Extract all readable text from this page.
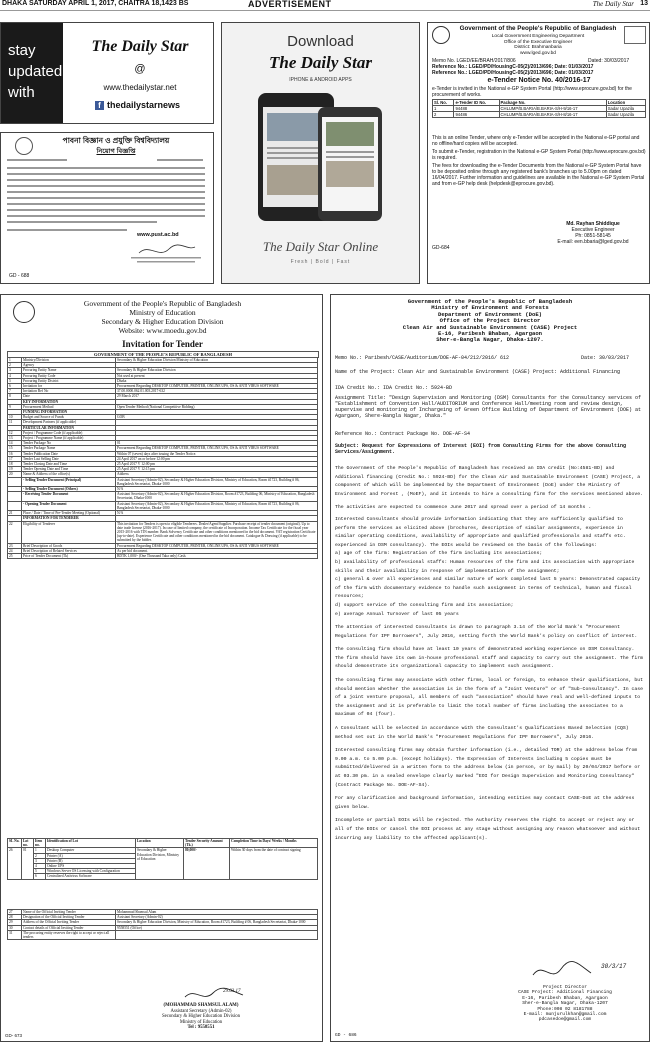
DHAKA SATURDAY APRIL 1, 2017, CHAITRA 18,1423 BS	ADVERTISEMENT	The Daily Star 13
stay
updated
with
The Daily Star
@
www.thedailystar.net
f thedailystarnews
পাবনা বিজ্ঞান ও প্রযুক্তি বিশ্ববিদ্যালয়
নিয়োগ বিজ্ঞপ্তি
www.pust.ac.bd
GD - 688
Download
The Daily Star
IPHONE & ANDROID APPS
The Daily Star Online
Fresh | Bold | Fast
Government of the People's Republic of Bangladesh
Local Government Engineering Department
Office of the Executive Engineer
District: Brahmanbaria
www.lged.gov.bd
Memo No. LGED/EE/BRAH/2017/806	Dated: 30/03/2017
Reference No.: LGED/PD/HousingC-05(2)/2013/696; Date: 01/03/2017
Reference No.: LGED/PD/HousingC-05(2)/2013/696; Date: 01/03/2017
e-Tender Notice No. 40/2016-17
e-Tender is invited in the National e-GP System Portal (http://www.eprocure.gov.bd) for the procurement of works.
Sl. No.	e-Tender ID No.	Package No.	Location
1	94488	CHLUMP/B.BARIA/B.BARIA-S/H-9/16-17	Sadar Upazila
2	94486	CHLUMP/B.BARIA/B.BARIA-S/H-8/16-17	Sadar Upazila
This is an online Tender, where only e-Tender will be accepted in the National e-GP portal and no offline/hard copies will be accepted.
To submit e-Tender, registration in the National e-GP System Portal (http://www.eprocure.gov.bd) is required.
The fees for downloading the e-Tender Documents from the National e-GP System Portal have to be deposited online through any registered bank's branches up to 5.00pm on dated 16/04/2017. Further information and guidelines are available in the National e-GP System Portal and from e-GP help desk (helpdesk@eprocure.gov.bd).
Md. Rayhan Shiddique
Executive Engineer
Ph: 0851-58145
E-mail: een.bbaria@lged.gov.bd
GD-684
Government of the People's Republic of Bangladesh
Ministry of Education
Secondary & Higher Education Division
Website: www.moedu.gov.bd
Invitation for Tender
GOVERNMENT OF THE PEOPLE'S REPUBLIC OF BANGLADESH
1	Ministry/Division	Secondary & Higher Education Division Ministry of Education
2	Agency	
3	Procuring Entity Name	Secondary & Higher Education Division
4	Procuring Entity Code	Not used at present
5	Procuring Entity District	Dhaka
6	Invitation for	Procurement Regarding DESKTOP COMPUTER, PRINTER, ONLINE UPS, OS & ANTI VIRUS SOFTWARE
7	Invitation Ref No	37.00.0000.062.01.003.2017-632
8	Date	29 March 2017
	KEY INFORMATION	
9	Procurement Method	Open Tender Method (National Competitive Bidding)
	FUNDING INFORMATION	
10	Budget and Source of Funds	GOB
11	Development Partners (if applicable)	
	PARTICULAR INFORMATION	
12	Project / Programme Code (if applicable)	
13	Project / Programme Name (if applicable)	
14	Tender Package No	01
15	Tender Package Name	Procurement Regarding DESKTOP COMPUTER, PRINTER, ONLINE UPS, OS & ANTI VIRUS SOFTWARE
16	Tender Publication Date	Within 07 (seven) days after issuing the Tender Notice.
17	Tender Last Selling Date	24 April 2017 on or before 12:00 pm
18	Tender Closing Date and Time	25 April 2017 V 12:00 pm
19	Tender Opening Date and Time	25 April 2017 V 12:15 pm
20	Name & Address of the office(s)	Address
	- Selling Tender Document (Principal)	Assistant Secretary (Admin-02), Secondary & Higher Education Division, Ministry of Education, Room #1723, Building # 06, Bangladesh Secretariat, Dhaka-1000
	- Selling Tender Document (Others)	N/A
	- Receiving Tender Document	Assistant Secretary (Admin-02), Secondary & Higher Education Division, Room #1723, Building 06, Ministry of Education, Bangladesh Secretariat, Dhaka-1000
	- Opening Tender Document	Assistant Secretary (Admin-02), Secondary & Higher Education Division, Ministry of Education, Room #1723, Building # 06, Bangladesh Secretariat, Dhaka-1000
21	Place / Date / Time of Pre-Tender Meeting (Optional)	N/A
	INFORMATION FOR TENDERER	
22	Eligibility of Tenderer	This invitation for Tenders is open to eligible Tenderers. Dealer/Agent/Supplier. Purchase receipt of tender document (original). Up to date trade license (2016-2017). In case of limited company, the certificate of Incorporation. Income Tax Certificate for the fiscal year 2015-2016 with TIN number. Bank Solvency Certificate and other conditions mentioned in the bid document. VAT registration Certificate (up-to-date). Experience Certificate and other conditions mentioned in the bid document. Catalogue & Drawing (if applicable) to be submitted by the bidder.
23	Brief Description of Goods	Procurement Regarding DESKTOP COMPUTER, PRINTER, ONLINE UPS, OS & ANTI VIRUS SOFTWARE
24	Brief Description of Related Services	As per bid document.
25	Price of Tender Document (Tk)	BDTK 1,000/- (One Thousand Taka only) Cash.
SL No.	Lot no.	Item no.	Identification of Lot	Location	Tender Security Amount (Tk.)	Completion Time in Days/ Weeks / Months
26	01	1	Desktop Computer	Secondary & Higher Education Division, Ministry of Education	80,000/-	Within 30 days from the date of contract signing
		2	Printer (A)			
		3	Printer (B)			
		4	Online UPS			
		5	Windows Server OS Licensing with Configuration			
		6	Centralized Antivirus Software			
27	Name of the Official Inviting Tender	Mohammad Shamsul Alam
28	Designation of the Official Inviting Tender	Assistant Secretary (Admin-02)
29	Address of the Official Inviting Tender	Secondary & Higher Education Division, Ministry of Education, Room #1723, Building # 06, Bangladesh Secretariat, Dhaka-1000
30	Contact details of Official Inviting Tender	9558551 (Office)
31	The procuring entity reserves the right to accept or reject all tenders	
29.03.17
(MOHAMMAD SHAMSUL ALAM)
Assistant Secretary (Admin-02)
Secondary & Higher Education Division
Ministry of Education
Tel : 9558551
GD- 673
Government of the People's Republic of Bangladesh
Ministry of Environment and Forests
Department of Environment (DoE)
Office of the Project Director
Clean Air and Sustainable Environment (CASE) Project
E-16, Paribesh Bhaban, Agargaon
Sher-e-Bangla Nagar, Dhaka-1207.
Memo No.: Paribesh/CASE/Auditorium/DOE-AF-04/212/2016/ 612	Date: 30/03/2017
Name of the Project: Clean Air and Sustainable Environment (CASE) Project: Additional Financing
IDA Credit No.: IDA Credit No.: 5924-BD
Assignment Title: "Design Supervision and Monitoring (DSM) Consultants for the Consultancy services of "Establishment of Convention Hall/AUDITORIUM and Conference Hall/meeting room and review design, supervise and monitoring of Inchargeing of Green Office Building of Department of Environment (DOE) at Agargaon, Shere-Bangla Nagar, Dhaka."
Reference No.: Contract Package No. DOE-AF-S4
Subject: Request for Expressions of Interest (EOI) from Consulting Firms for the above Consulting Services/Assignment.
The Government of the People's Republic of Bangladesh has received an IDA credit (No:4581-BD) and Additional financing (Credit No.: 5924-BD) for the Clean Air and Sustainable Environment (CASE) Project, a component of which will be implemented by the Department of Environment (DoE) under the Ministry of Environment and Forest , (MoEF), and it intends to hire a consulting firm for the services mentioned above.
The activities are expected to commence June 2017 and spread over a period of 14 months .
Interested Consultants should provide information indicating that they are sufficiently qualified to perform the services as elicited above (brochures, description of similar assignments, experience in similar operating conditions, availability of appropriate and qualified professionals and staffs etc. experienced in DSM consultancy). The EOIs would be reviewed on the basis of the followings:
a) age of the firm: Registration of the firm including its associations;
b) availability of professional staffs: Human resources of the firm and its association with appropriate skills and their availability in response of implementation of the assignment;
c) general & over all experiences and similar nature of work completed last 5 years: Demonstrated capacity of the firm with documentary evidence to handle such assignment in terms of technical, human and fiscal resources;
d) support service of the consulting firm and its association;
e) average Annual Turnover of last 05 years
The attention of interested Consultants is drawn to paragraph 3.14 of the World Bank's "Procurement Regulations for IPF Borrowers", July 2016, setting forth the World Bank's policy on conflict of interest.
The consulting firm should have at least 10 years of demonstrated working experience on DSM Consultancy. The firm should have its own in-house professional staff and capacity to carry out the assignment. The firm should demonstrate its organizational capacity to implement such assignment.
The consulting firms may associate with other firms, local or foreign, to enhance their qualifications, but should mention whether the association is in the form of a "Joint Venture" or of "Sub-Consultancy". In case of a joint venture proposal, all members of such "association" should have real and well-defined inputs to the assignment and it is preferable to limit the total number of firms including the associates to a maximum of 04 (four).
A Consultant will be selected in accordance with the Consultant's Qualifications Based Selection (CQS) method set out in the World Bank's "Procurement Regulations for IPF Borrowers", July 2016.
Interested consulting firms may obtain further information (i.e., detailed TOR) at the address below from 9.00 a.m. to 5.00 p.m. (except holidays). The Expression of Interests including 5 copies must be submitted/delivered in a written form to the address below (in person, or by mail) by 20/04/2017 before or at 03.30 pm. in a sealed envelope clearly marked "EOI for Design Supervision and Monitoring Consultancy" (Contract Package No. DOE-AF-S4).
For any clarification and background information, intending entities may contact CASE-DoE at the address given below.
Incomplete or partial EOIs will be rejected. The Authority reserves the right to accept or reject any or all of the EOIs or cancel the EOI process at any stage without assigning any reason whatsoever and without incurring any liability to the affected applicant(s).
30/3/17
Project Director
CASE Project: Additional Financing
E-16, Paribesh Bhaban, Agargaon
Sher-e-Bangla Nagar, Dhaka-1207
Phone:008 02 8181788
E-mail: munjurulkhan@gmail.com
pdcasedoe@gmail.com
GD - 686
